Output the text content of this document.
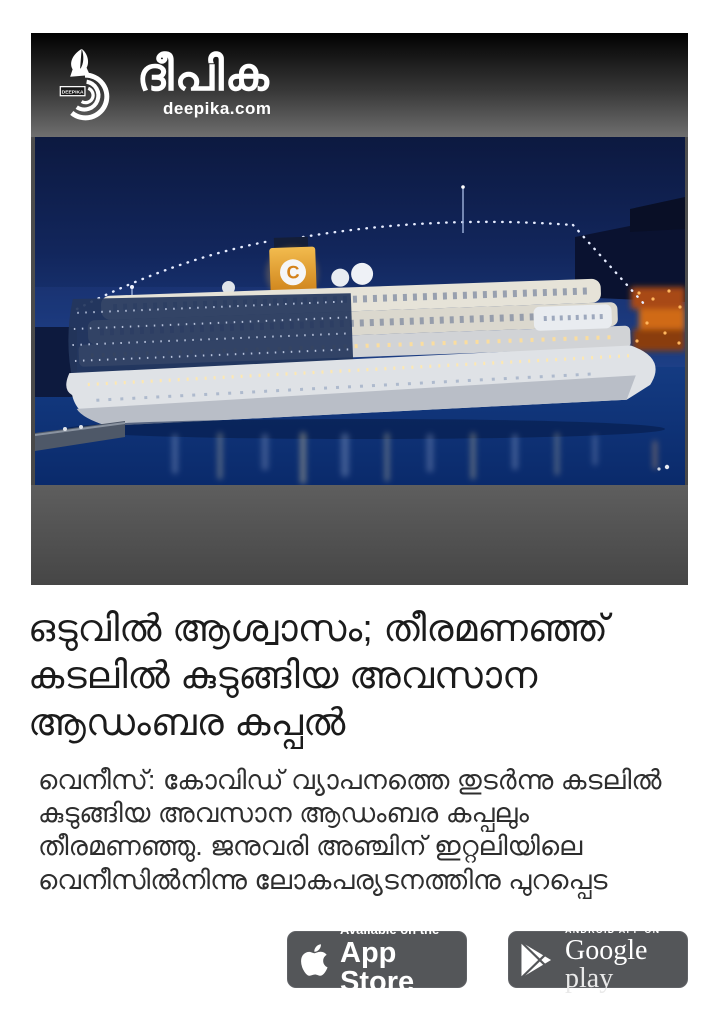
DEEPIKA ദീപിക
deepika.com
C
ഒടുവിൽ ആശ്വാസം; തീരമണഞ്ഞ് കടലിൽ കുടുങ്ങിയ അവസാന ആഡംബര കപ്പൽ

വെനീസ്: കോവിഡ് വ്യാപനത്തെ തുടർന്നു കടലിൽ കുടുങ്ങിയ അവസാന ആഡംബര കപ്പലും തീരമണഞ്ഞു. ജനുവരി അഞ്ചിന് ഇറ്റലിയിലെ വെനീസിൽനിന്നു ലോകപര്യടനത്തിനു പുറപ്പെട

Available on the
App Store
ANDROID APP ON
Google play
